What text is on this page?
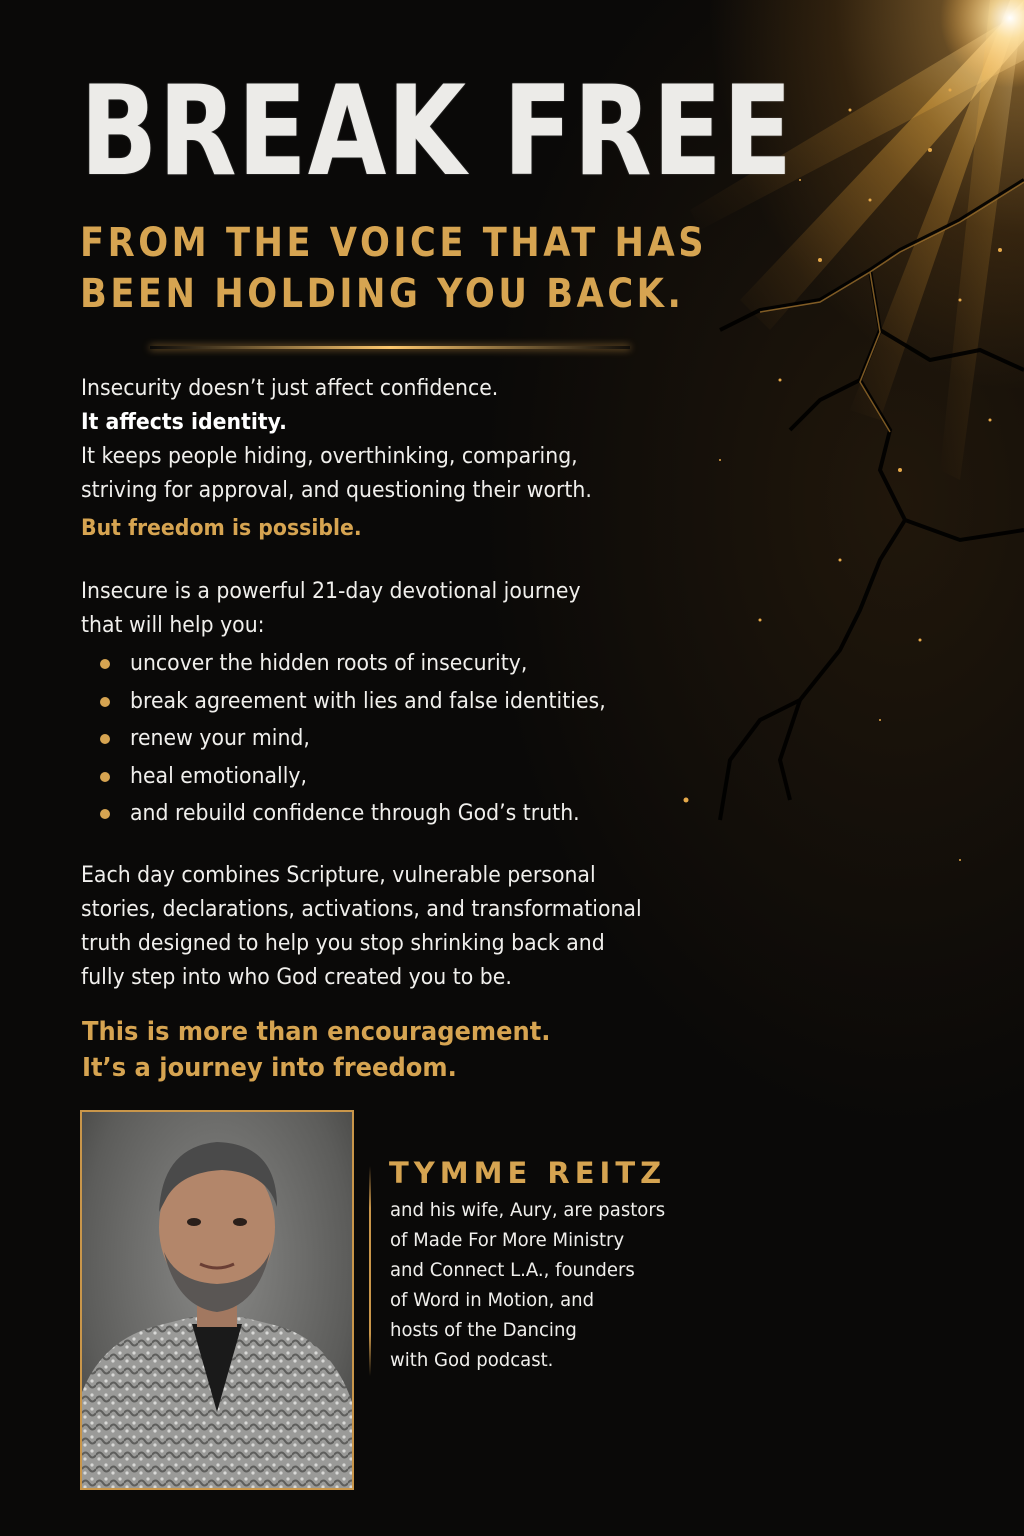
BREAK FREE
FROM THE VOICE THAT HAS
BEEN HOLDING YOU BACK.
Insecurity doesn’t just affect confidence.
It affects identity.
It keeps people hiding, overthinking, comparing,
striving for approval, and questioning their worth.
But freedom is possible.
Insecure is a powerful 21-day devotional journey
that will help you:
uncover the hidden roots of insecurity,
break agreement with lies and false identities,
renew your mind,
heal emotionally,
and rebuild confidence through God’s truth.
Each day combines Scripture, vulnerable personal
stories, declarations, activations, and transformational
truth designed to help you stop shrinking back and
fully step into who God created you to be.
This is more than encouragement.
It’s a journey into freedom.
TYMME REITZ
and his wife, Aury, are pastors
of Made For More Ministry
and Connect L.A., founders
of Word in Motion, and
hosts of the Dancing
with God podcast.
